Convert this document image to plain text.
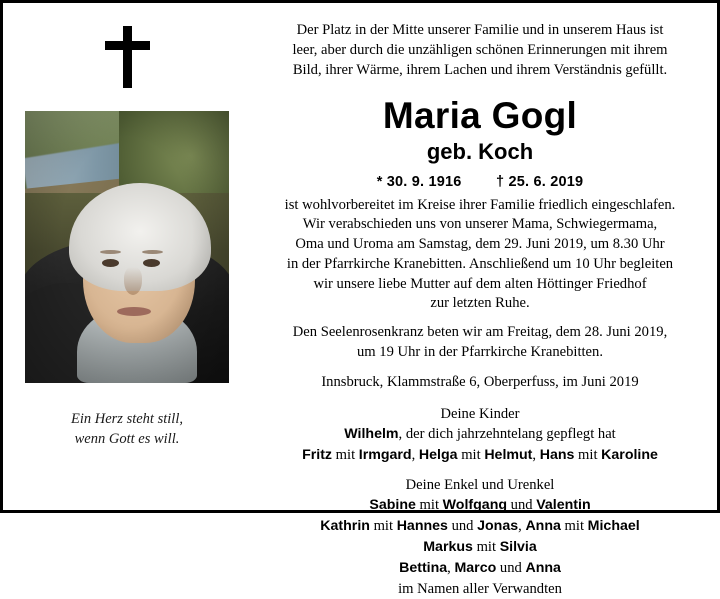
Ein Herz steht still,
wenn Gott es will.
Der Platz in der Mitte unserer Familie und in unserem Haus ist
leer, aber durch die unzähligen schönen Erinnerungen mit ihrem
Bild, ihrer Wärme, ihrem Lachen und ihrem Verständnis gefüllt.
Maria Gogl
geb. Koch
* 30. 9. 1916 † 25. 6. 2019
ist wohlvorbereitet im Kreise ihrer Familie friedlich eingeschlafen.
Wir verabschieden uns von unserer Mama, Schwiegermama,
Oma und Uroma am Samstag, dem 29. Juni 2019, um 8.30 Uhr
in der Pfarrkirche Kranebitten. Anschließend um 10 Uhr begleiten
wir unsere liebe Mutter auf dem alten Höttinger Friedhof
zur letzten Ruhe.
Den Seelenrosenkranz beten wir am Freitag, dem 28. Juni 2019,
um 19 Uhr in der Pfarrkirche Kranebitten.
Innsbruck, Klammstraße 6, Oberperfuss, im Juni 2019
Deine Kinder
Wilhelm, der dich jahrzehntelang gepflegt hat
Fritz mit Irmgard, Helga mit Helmut, Hans mit Karoline
Deine Enkel und Urenkel
Sabine mit Wolfgang und Valentin
Kathrin mit Hannes und Jonas, Anna mit Michael
Markus mit Silvia
Bettina, Marco und Anna
im Namen aller Verwandten
